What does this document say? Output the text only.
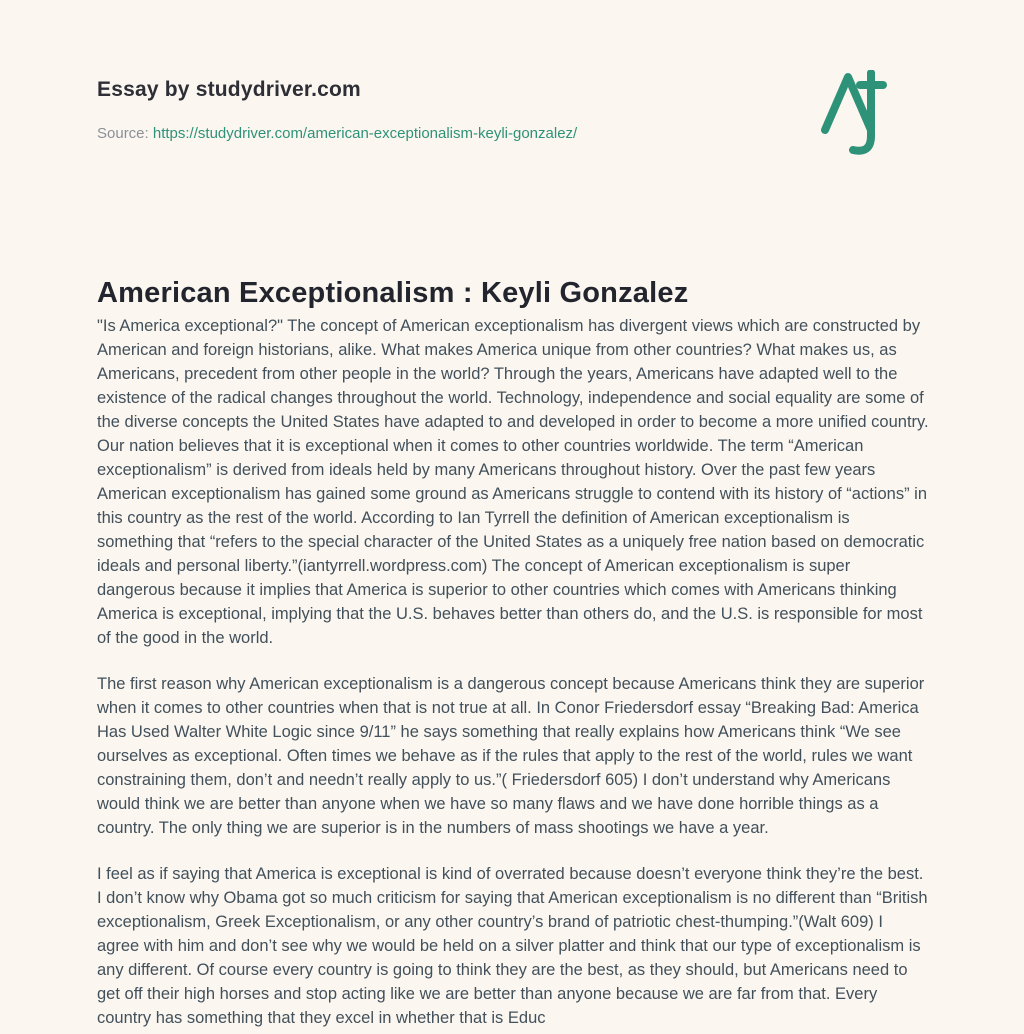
Essay by studydriver.com
Source: https://studydriver.com/american-exceptionalism-keyli-gonzalez/
American Exceptionalism : Keyli Gonzalez

"Is America exceptional?" The concept of American exceptionalism has divergent views which are constructed by American and foreign historians, alike. What makes America unique from other countries? What makes us, as Americans, precedent from other people in the world? Through the years, Americans have adapted well to the existence of the radical changes throughout the world. Technology, independence and social equality are some of the diverse concepts the United States have adapted to and developed in order to become a more unified country. Our nation believes that it is exceptional when it comes to other countries worldwide. The term “American exceptionalism” is derived from ideals held by many Americans throughout history. Over the past few years American exceptionalism has gained some ground as Americans struggle to contend with its history of “actions” in this country as the rest of the world. According to Ian Tyrrell the definition of American exceptionalism is something that “refers to the special character of the United States as a uniquely free nation based on democratic ideals and personal liberty.”(iantyrrell.wordpress.com) The concept of American exceptionalism is super dangerous because it implies that America is superior to other countries which comes with Americans thinking America is exceptional, implying that the U.S. behaves better than others do, and the U.S. is responsible for most of the good in the world.

The first reason why American exceptionalism is a dangerous concept because Americans think they are superior when it comes to other countries when that is not true at all. In Conor Friedersdorf essay “Breaking Bad: America Has Used Walter White Logic since 9/11” he says something that really explains how Americans think “We see ourselves as exceptional. Often times we behave as if the rules that apply to the rest of the world, rules we want constraining them, don’t and needn’t really apply to us.”( Friedersdorf 605) I don’t understand why Americans would think we are better than anyone when we have so many flaws and we have done horrible things as a country. The only thing we are superior is in the numbers of mass shootings we have a year.

I feel as if saying that America is exceptional is kind of overrated because doesn’t everyone think they’re the best. I don’t know why Obama got so much criticism for saying that American exceptionalism is no different than “British exceptionalism, Greek Exceptionalism, or any other country’s brand of patriotic chest-thumping.”(Walt 609) I agree with him and don’t see why we would be held on a silver platter and think that our type of exceptionalism is any different. Of course every country is going to think they are the best, as they should, but Americans need to get off their high horses and stop acting like we are better than anyone because we are far from that. Every country has something that they excel in whether that is Educ
